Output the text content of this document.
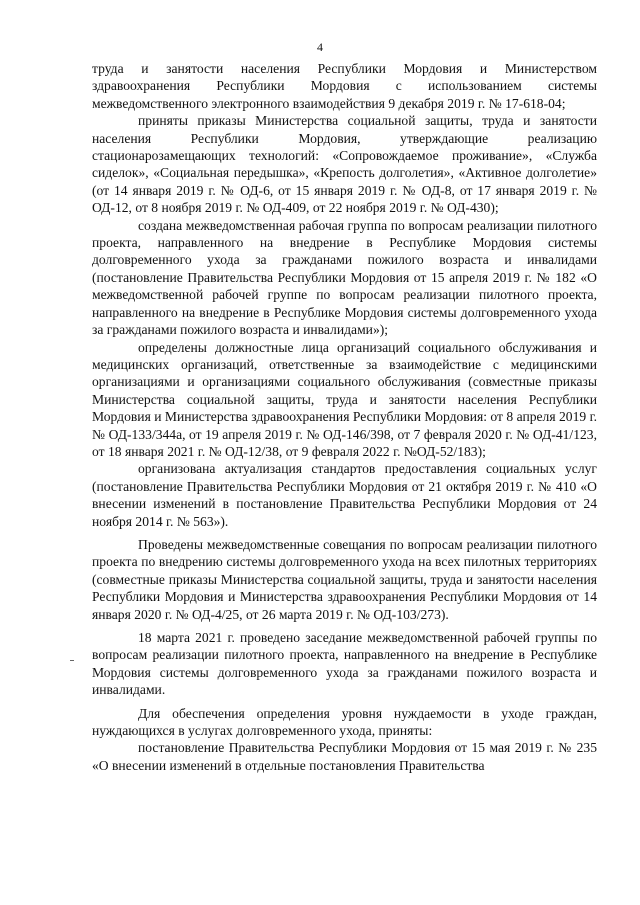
4

труда и занятости населения Республики Мордовия и Министерством здравоохранения Республики Мордовия с использованием системы межведомственного электронного взаимодействия 9 декабря 2019 г. № 17-618-04;

приняты приказы Министерства социальной защиты, труда и занятости населения Республики Мордовия, утверждающие реализацию стационарозамещающих технологий: «Сопровождаемое проживание», «Служба сиделок», «Социальная передышка», «Крепость долголетия», «Активное долголетие» (от 14 января 2019 г. № ОД-6, от 15 января 2019 г. № ОД-8, от 17 января 2019 г. № ОД-12, от 8 ноября 2019 г. № ОД-409, от 22 ноября 2019 г. № ОД-430);

создана межведомственная рабочая группа по вопросам реализации пилотного проекта, направленного на внедрение в Республике Мордовия системы долговременного ухода за гражданами пожилого возраста и инвалидами (постановление Правительства Республики Мордовия от 15 апреля 2019 г. № 182 «О межведомственной рабочей группе по вопросам реализации пилотного проекта, направленного на внедрение в Республике Мордовия системы долговременного ухода за гражданами пожилого возраста и инвалидами»);

определены должностные лица организаций социального обслуживания и медицинских организаций, ответственные за взаимодействие с медицинскими организациями и организациями социального обслуживания (совместные приказы Министерства социальной защиты, труда и занятости населения Республики Мордовия и Министерства здравоохранения Республики Мордовия: от 8 апреля 2019 г. № ОД-133/344а, от 19 апреля 2019 г. № ОД-146/398, от 7 февраля 2020 г. № ОД-41/123, от 18 января 2021 г. № ОД-12/38, от 9 февраля 2022 г. №ОД-52/183);

организована актуализация стандартов предоставления социальных услуг (постановление Правительства Республики Мордовия от 21 октября 2019 г. № 410 «О внесении изменений в постановление Правительства Республики Мордовия от 24 ноября 2014 г. № 563»).

Проведены межведомственные совещания по вопросам реализации пилотного проекта по внедрению системы долговременного ухода на всех пилотных территориях (совместные приказы Министерства социальной защиты, труда и занятости населения Республики Мордовия и Министерства здравоохранения Республики Мордовия от 14 января 2020 г. № ОД-4/25, от 26 марта 2019 г. № ОД-103/273).

18 марта 2021 г. проведено заседание межведомственной рабочей группы по вопросам реализации пилотного проекта, направленного на внедрение в Республике Мордовия системы долговременного ухода за гражданами пожилого возраста и инвалидами.

Для обеспечения определения уровня нуждаемости в уходе граждан, нуждающихся в услугах долговременного ухода, приняты:

постановление Правительства Республики Мордовия от 15 мая 2019 г. № 235 «О внесении изменений в отдельные постановления Правительства
